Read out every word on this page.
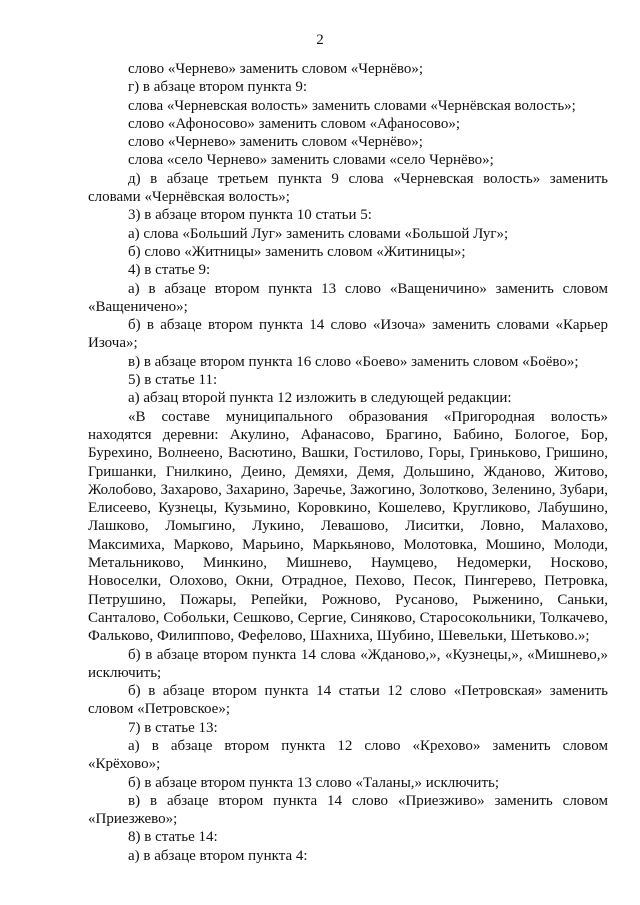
2

слово «Черневo» заменить словом «Чернёво»;

г) в абзаце втором пункта 9:

слова «Черневская волость» заменить словами «Чернёвская волость»;

слово «Афоносово» заменить словом «Афаносово»;

слово «Чернево» заменить словом «Чернёво»;

слова «село Чернево» заменить словами «село Чернёво»;

д) в абзаце третьем пункта 9 слова «Черневская волость» заменить словами «Чернёвская волость»;

3) в абзаце втором пункта 10 статьи 5:

а) слова «Больший Луг» заменить словами «Большой Луг»;

б) слово «Житницы» заменить словом «Житиницы»;

4) в статье 9:

а) в абзаце втором пункта 13 слово «Ващеничино» заменить словом «Ващеничено»;

б) в абзаце втором пункта 14 слово «Изоча» заменить словами «Карьер Изоча»;

в) в абзаце втором пункта 16 слово «Боево» заменить словом «Боёво»;

5) в статье 11:

а) абзац второй пункта 12 изложить в следующей редакции:

«В составе муниципального образования «Пригородная волость» находятся деревни: Акулино, Афанасово, Брагино, Бабино, Бологое, Бор, Бурехино, Волнеено, Васютино, Вашки, Гостилово, Горы, Гринькoво, Гришино, Гришанки, Гнилкино, Деино, Демяхи, Демя, Дольшино, Жданово, Житово, Жолобово, Захарово, Захарино, Заречье, Зажогино, Золотково, Зеленино, Зубари, Елисеево, Кузнецы, Кузьмино, Коровкино, Кошелево, Кругликово, Лабушино, Лашково, Ломыгино, Лукино, Левашово, Лиситки, Ловно, Малахово, Максимиха, Марково, Марьино, Маркьяново, Молотовка, Мошино, Молоди, Метальниково, Минкино, Мишнево, Наумцево, Недомерки, Носково, Новоселки, Олохово, Окни, Отрадное, Пехово, Песок, Пингерево, Петровка, Петрушино, Пожары, Репейки, Рожново, Русаново, Рыженино, Саньки, Санталово, Собольки, Сешково, Сергие, Синяково, Старосокольники, Толкачево, Фальково, Филиппово, Фефелово, Шахниха, Шубино, Шевельки, Шетьково.»;

б) в абзаце втором пункта 14 слова «Жданово,», «Кузнецы,», «Мишнево,» исключить;

б) в абзаце втором пункта 14 статьи 12 слово «Петровская» заменить словом «Петровское»;

7) в статье 13:

а) в абзаце втором пункта 12 слово «Крехово» заменить словом «Крёхово»;

б) в абзаце втором пункта 13 слово «Таланы,» исключить;

в) в абзаце втором пункта 14 слово «Приезживо» заменить словом «Приезжево»;

8) в статье 14:

а) в абзаце втором пункта 4:
